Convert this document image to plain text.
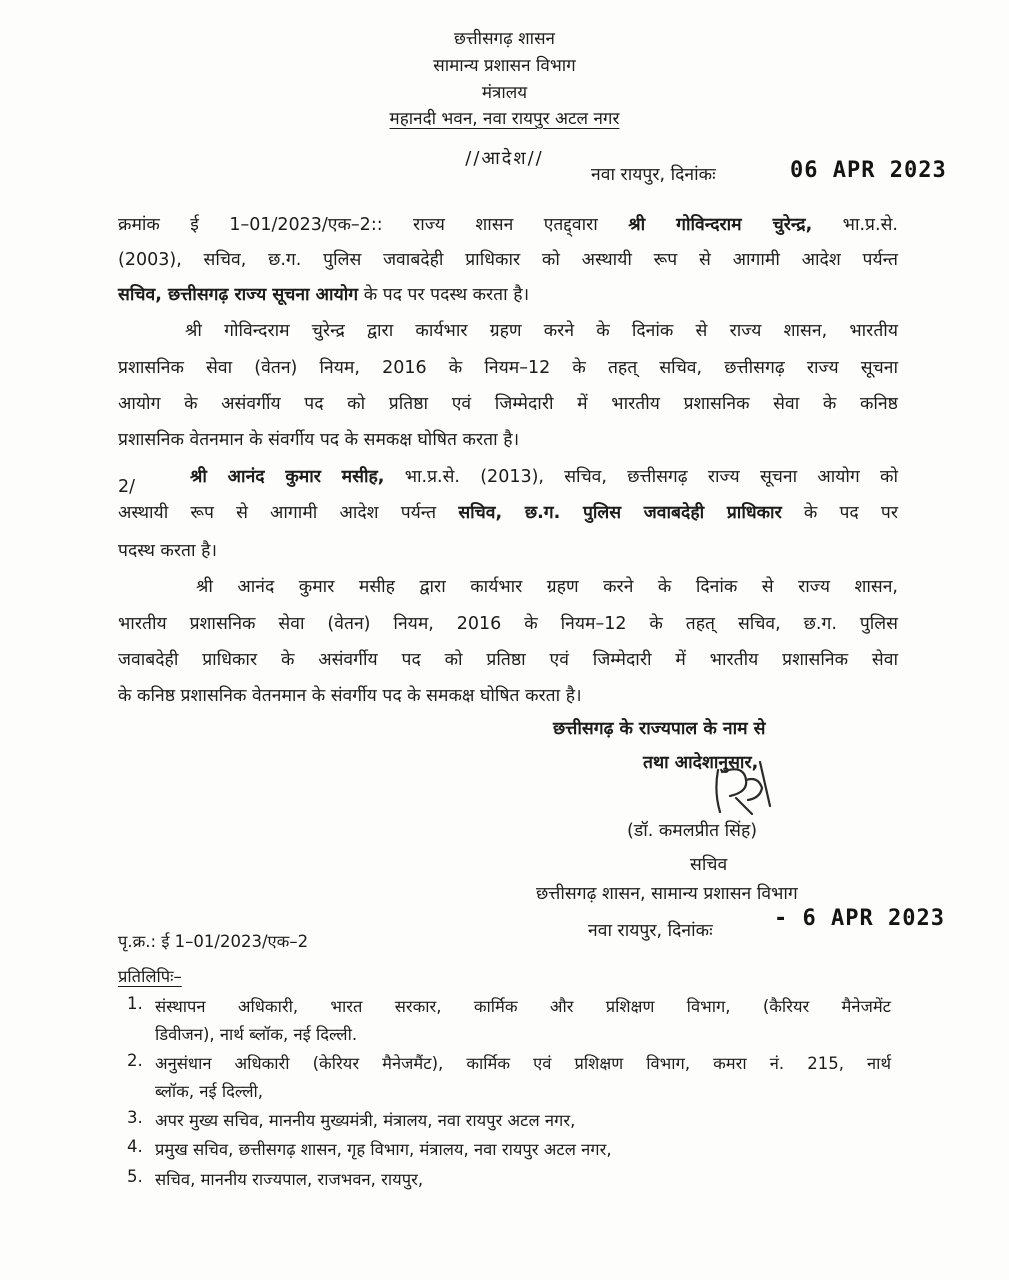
छत्तीसगढ़ शासन
सामान्य प्रशासन विभाग
मंत्रालय
महानदी भवन, नवा रायपुर अटल नगर
//आदेश//
नवा रायपुर, दिनांकः	06 APR 2023
क्रमांक ई 1–01/2023/एक–2:: राज्य शासन एतद्द्वारा श्री गोविन्दराम चुरेन्द्र, भा.प्र.से.
(2003), सचिव, छ.ग. पुलिस जवाबदेही प्राधिकार को अस्थायी रूप से आगामी आदेश पर्यन्त
सचिव, छत्तीसगढ़ राज्य सूचना आयोग के पद पर पदस्थ करता है।
श्री गोविन्दराम चुरेन्द्र द्वारा कार्यभार ग्रहण करने के दिनांक से राज्य शासन, भारतीय
प्रशासनिक सेवा (वेतन) नियम, 2016 के नियम–12 के तहत् सचिव, छत्तीसगढ़ राज्य सूचना
आयोग के असंवर्गीय पद को प्रतिष्ठा एवं जिम्मेदारी में भारतीय प्रशासनिक सेवा के कनिष्ठ
प्रशासनिक वेतनमान के संवर्गीय पद के समकक्ष घोषित करता है।
2/	श्री आनंद कुमार मसीह, भा.प्र.से. (2013), सचिव, छत्तीसगढ़ राज्य सूचना आयोग को
अस्थायी रूप से आगामी आदेश पर्यन्त सचिव, छ.ग. पुलिस जवाबदेही प्राधिकार के पद पर
पदस्थ करता है।
श्री आनंद कुमार मसीह द्वारा कार्यभार ग्रहण करने के दिनांक से राज्य शासन,
भारतीय प्रशासनिक सेवा (वेतन) नियम, 2016 के नियम–12 के तहत् सचिव, छ.ग. पुलिस
जवाबदेही प्राधिकार के असंवर्गीय पद को प्रतिष्ठा एवं जिम्मेदारी में भारतीय प्रशासनिक सेवा
के कनिष्ठ प्रशासनिक वेतनमान के संवर्गीय पद के समकक्ष घोषित करता है।
छत्तीसगढ़ के राज्यपाल के नाम से
तथा आदेशानुसार,
(डॉ. कमलप्रीत सिंह)
सचिव
छत्तीसगढ़ शासन, सामान्य प्रशासन विभाग
नवा रायपुर, दिनांकः	- 6 APR 2023
पृ.क्र.: ई 1–01/2023/एक–2
प्रतिलिपिः–
1. संस्थापन अधिकारी, भारत सरकार, कार्मिक और प्रशिक्षण विभाग, (कैरियर मैनेजमेंट
डिवीजन), नार्थ ब्लॉक, नई दिल्ली.
2. अनुसंधान अधिकारी (केरियर मैनेजमैंट), कार्मिक एवं प्रशिक्षण विभाग, कमरा नं. 215, नार्थ
ब्लॉक, नई दिल्ली,
3. अपर मुख्य सचिव, माननीय मुख्यमंत्री, मंत्रालय, नवा रायपुर अटल नगर,
4. प्रमुख सचिव, छत्तीसगढ़ शासन, गृह विभाग, मंत्रालय, नवा रायपुर अटल नगर,
5. सचिव, माननीय राज्यपाल, राजभवन, रायपुर,
